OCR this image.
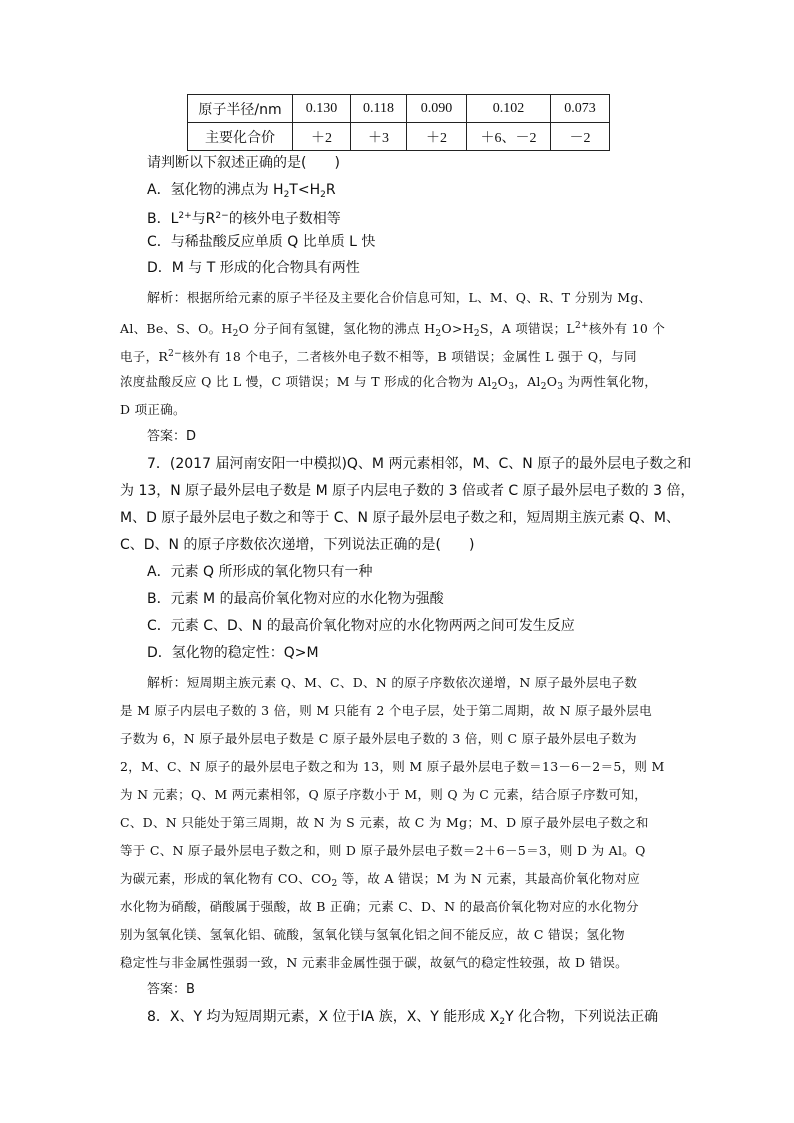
原子半径/nm	0.130	0.118	0.090	0.102	0.073
主要化合价	＋2	＋3	＋2	＋6、－2	－2
请判断以下叙述正确的是(　　)
A．氢化物的沸点为 $H_2T<H_2R$
B．$L^{2+}$与$R^{2-}$的核外电子数相等
C．与稀盐酸反应单质 Q 比单质 L 快
D．M 与 T 形成的化合物具有两性
解析：根据所给元素的原子半径及主要化合价信息可知，L、M、Q、R、T 分别为 Mg、
Al、Be、S、O。$H_2O$ 分子间有氢键，氢化物的沸点 $H_2O>H_2S$，A 项错误；$L^{2+}$核外有 10 个
电子，$R^{2-}$核外有 18 个电子，二者核外电子数不相等，B 项错误；金属性 L 强于 Q，与同
浓度盐酸反应 Q 比 L 慢，C 项错误；M 与 T 形成的化合物为 $Al_2O_3$，$Al_2O_3$ 为两性氧化物，
D 项正确。
答案：D
7．(2017 届河南安阳一中模拟)Q、M 两元素相邻，M、C、N 原子的最外层电子数之和
为 13，N 原子最外层电子数是 M 原子内层电子数的 3 倍或者 C 原子最外层电子数的 3 倍，
M、D 原子最外层电子数之和等于 C、N 原子最外层电子数之和，短周期主族元素 Q、M、
C、D、N 的原子序数依次递增，下列说法正确的是(　　)
A．元素 Q 所形成的氧化物只有一种
B．元素 M 的最高价氧化物对应的水化物为强酸
C．元素 C、D、N 的最高价氧化物对应的水化物两两之间可发生反应
D．氢化物的稳定性：Q>M
解析：短周期主族元素 Q、M、C、D、N 的原子序数依次递增，N 原子最外层电子数
是 M 原子内层电子数的 3 倍，则 M 只能有 2 个电子层，处于第二周期，故 N 原子最外层电
子数为 6，N 原子最外层电子数是 C 原子最外层电子数的 3 倍，则 C 原子最外层电子数为
2，M、C、N 原子的最外层电子数之和为 13，则 M 原子最外层电子数＝13－6－2＝5，则 M
为 N 元素；Q、M 两元素相邻，Q 原子序数小于 M，则 Q 为 C 元素，结合原子序数可知，
C、D、N 只能处于第三周期，故 N 为 S 元素，故 C 为 Mg；M、D 原子最外层电子数之和
等于 C、N 原子最外层电子数之和，则 D 原子最外层电子数＝2＋6－5＝3，则 D 为 Al。Q
为碳元素，形成的氧化物有 CO、$CO_2$ 等，故 A 错误；M 为 N 元素，其最高价氧化物对应
水化物为硝酸，硝酸属于强酸，故 B 正确；元素 C、D、N 的最高价氧化物对应的水化物分
别为氢氧化镁、氢氧化铝、硫酸，氢氧化镁与氢氧化铝之间不能反应，故 C 错误；氢化物
稳定性与非金属性强弱一致，N 元素非金属性强于碳，故氨气的稳定性较强，故 D 错误。
答案：B
8．X、Y 均为短周期元素，X 位于ⅠA 族，X、Y 能形成 $X_2Y$ 化合物，下列说法正确
